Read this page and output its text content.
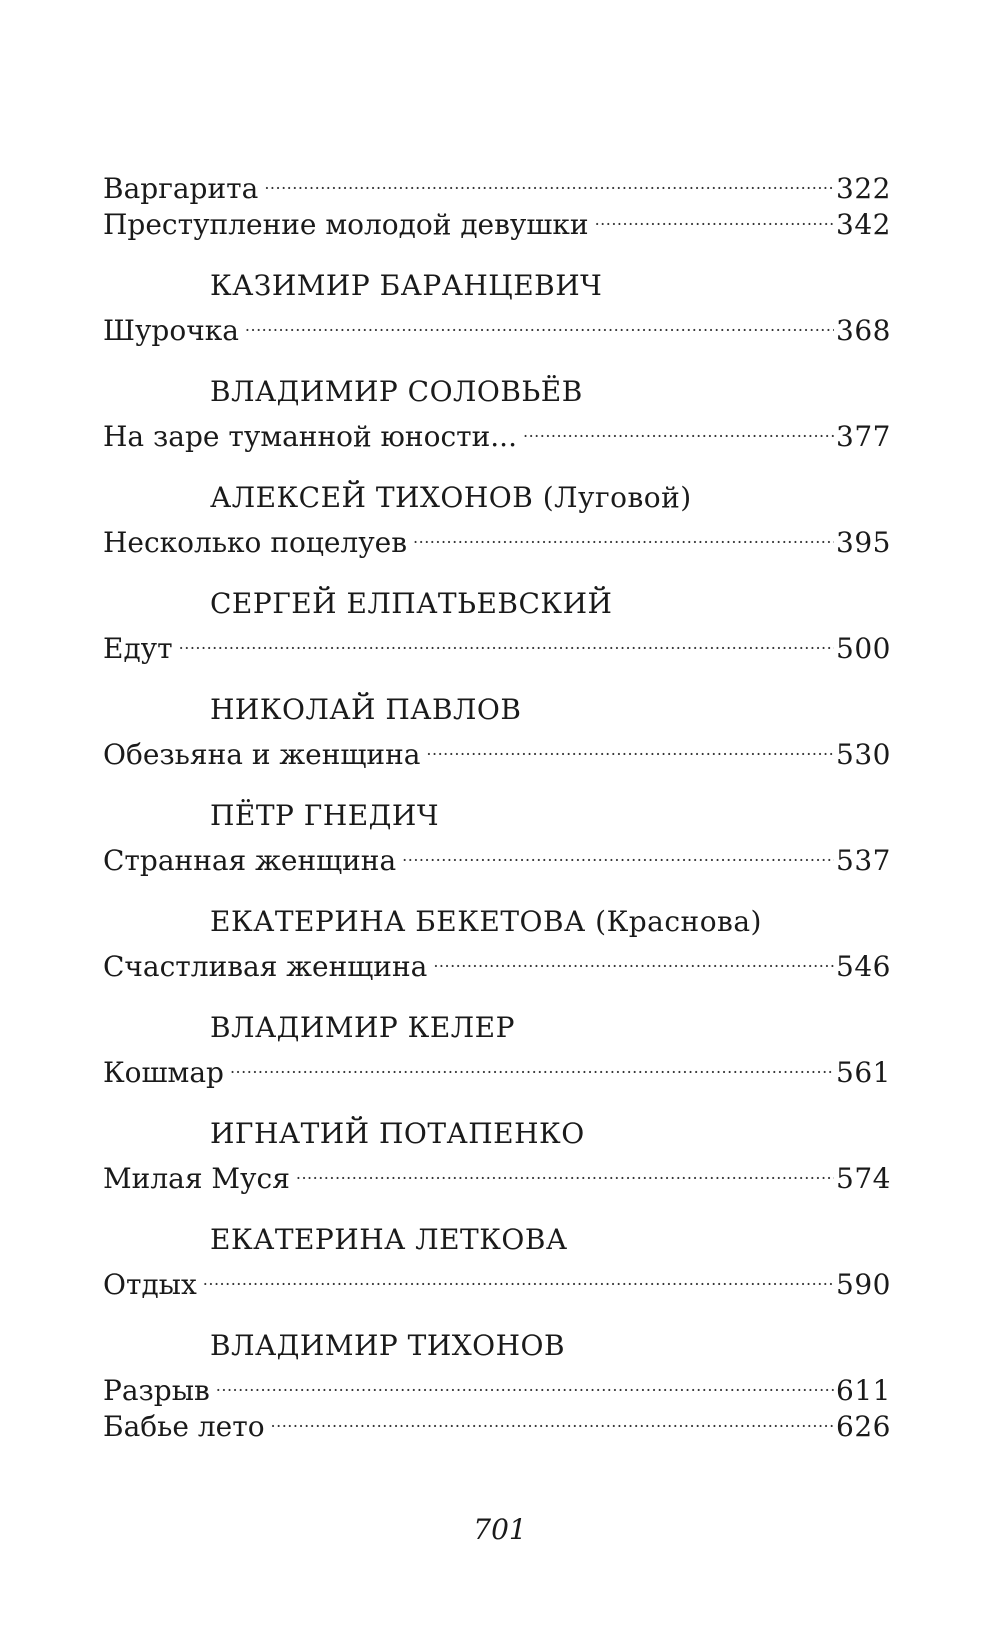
Варгарита .....	322
Преступление молодой девушки .....	342
КАЗИМИР БАРАНЦЕВИЧ
Шурочка .....	368
ВЛАДИМИР СОЛОВЬЁВ
На заре туманной юности... .....	377
АЛЕКСЕЙ ТИХОНОВ (Луговой)
Несколько поцелуев .....	395
СЕРГЕЙ ЕЛПАТЬЕВСКИЙ
Едут .....	500
НИКОЛАЙ ПАВЛОВ
Обезьяна и женщина .....	530
ПЁТР ГНЕДИЧ
Странная женщина .....	537
ЕКАТЕРИНА БЕКЕТОВА (Краснова)
Счастливая женщина .....	546
ВЛАДИМИР КЕЛЕР
Кошмар .....	561
ИГНАТИЙ ПОТАПЕНКО
Милая Муся .....	574
ЕКАТЕРИНА ЛЕТКОВА
Отдых .....	590
ВЛАДИМИР ТИХОНОВ
Разрыв .....	611
Бабье лето .....	626
701
